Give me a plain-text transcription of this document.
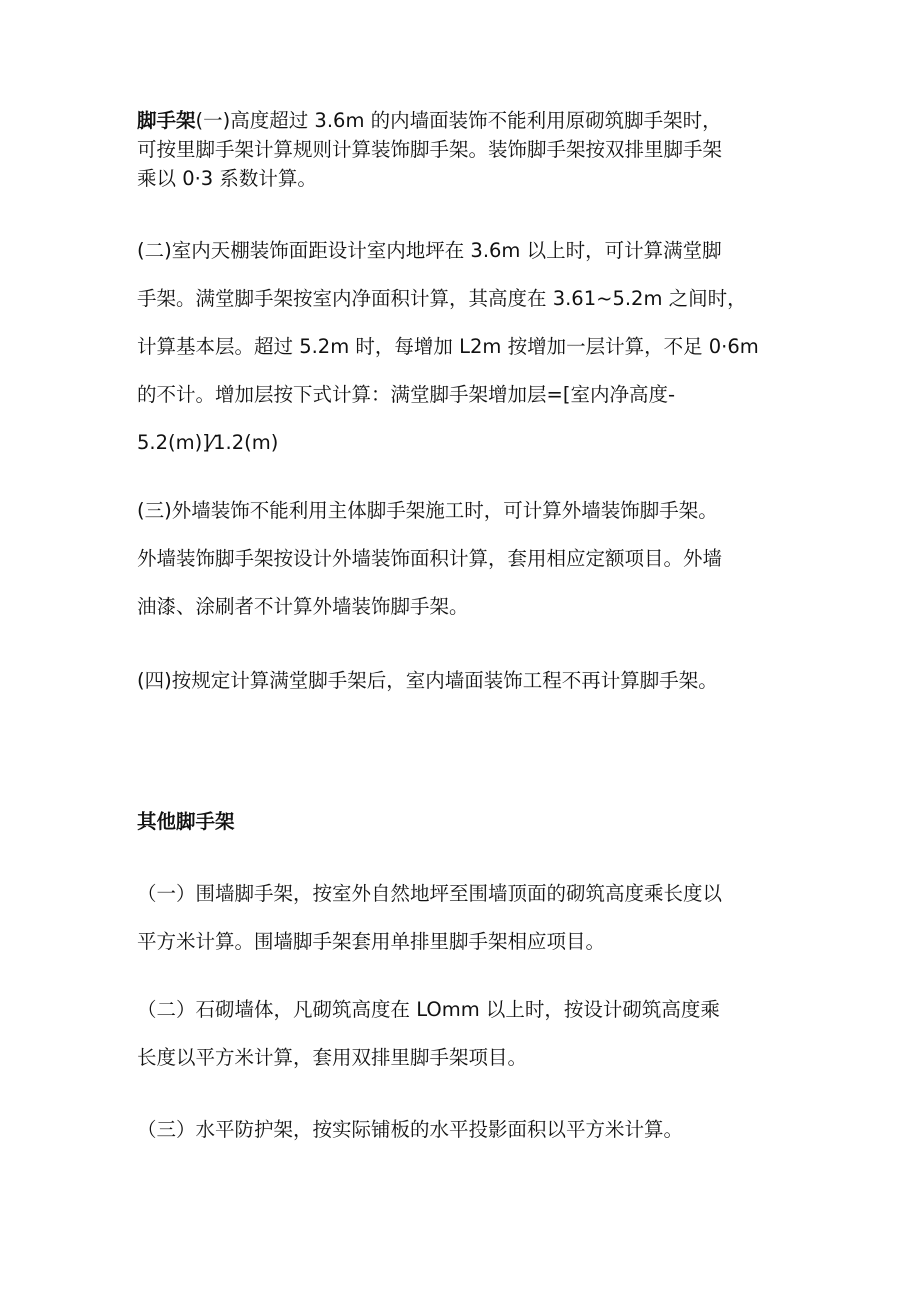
脚手架(一)高度超过 3.6m 的内墙面装饰不能利用原砌筑脚手架时，
可按里脚手架计算规则计算装饰脚手架。装饰脚手架按双排里脚手架
乘以 0·3 系数计算。

(二)室内天棚装饰面距设计室内地坪在 3.6m 以上时，可计算满堂脚
手架。满堂脚手架按室内净面积计算，其高度在 3.61~5.2m 之间时，
计算基本层。超过 5.2m 时，每增加 L2m 按增加一层计算，不足 0·6m
的不计。增加层按下式计算：满堂脚手架增加层=[室内净高度-
5.2(m)]⁄1.2(m)

(三)外墙装饰不能利用主体脚手架施工时，可计算外墙装饰脚手架。
外墙装饰脚手架按设计外墙装饰面积计算，套用相应定额项目。外墙
油漆、涂刷者不计算外墙装饰脚手架。

(四)按规定计算满堂脚手架后，室内墙面装饰工程不再计算脚手架。

其他脚手架

（一）围墙脚手架，按室外自然地坪至围墙顶面的砌筑高度乘长度以
平方米计算。围墙脚手架套用单排里脚手架相应项目。

（二）石砌墙体，凡砌筑高度在 LOmm 以上时，按设计砌筑高度乘
长度以平方米计算，套用双排里脚手架项目。

（三）水平防护架，按实际铺板的水平投影面积以平方米计算。
